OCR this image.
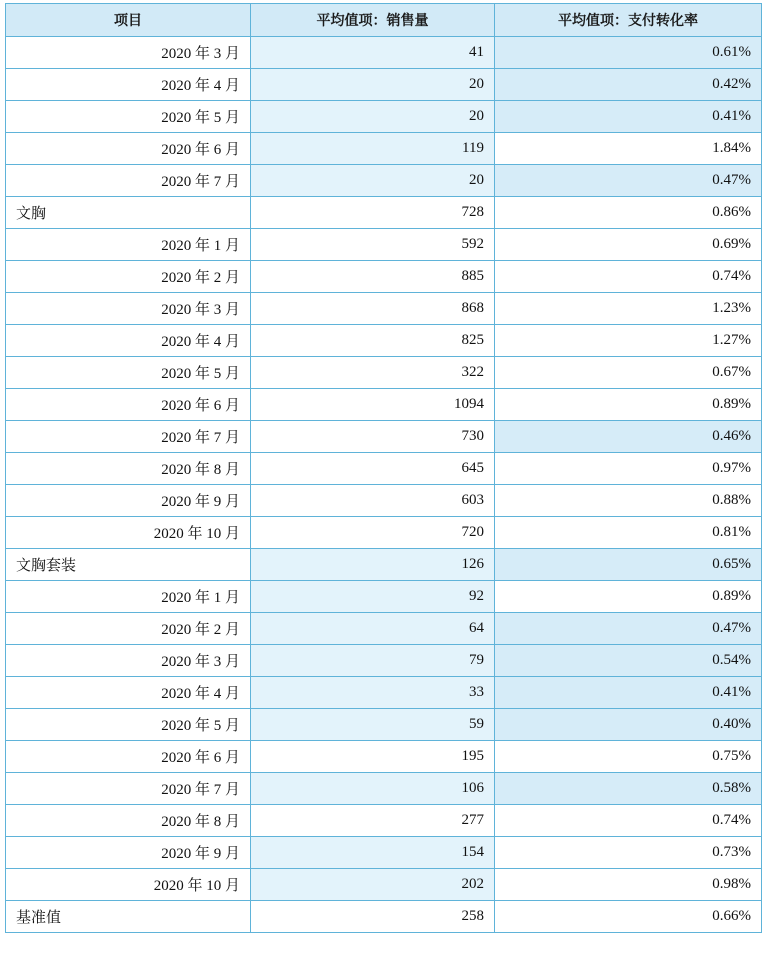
项目	平均值项：销售量	平均值项：支付转化率
2020 年 3 月	41	0.61%
2020 年 4 月	20	0.42%
2020 年 5 月	20	0.41%
2020 年 6 月	119	1.84%
2020 年 7 月	20	0.47%
文胸	728	0.86%
2020 年 1 月	592	0.69%
2020 年 2 月	885	0.74%
2020 年 3 月	868	1.23%
2020 年 4 月	825	1.27%
2020 年 5 月	322	0.67%
2020 年 6 月	1094	0.89%
2020 年 7 月	730	0.46%
2020 年 8 月	645	0.97%
2020 年 9 月	603	0.88%
2020 年 10 月	720	0.81%
文胸套装	126	0.65%
2020 年 1 月	92	0.89%
2020 年 2 月	64	0.47%
2020 年 3 月	79	0.54%
2020 年 4 月	33	0.41%
2020 年 5 月	59	0.40%
2020 年 6 月	195	0.75%
2020 年 7 月	106	0.58%
2020 年 8 月	277	0.74%
2020 年 9 月	154	0.73%
2020 年 10 月	202	0.98%
基准值	258	0.66%
